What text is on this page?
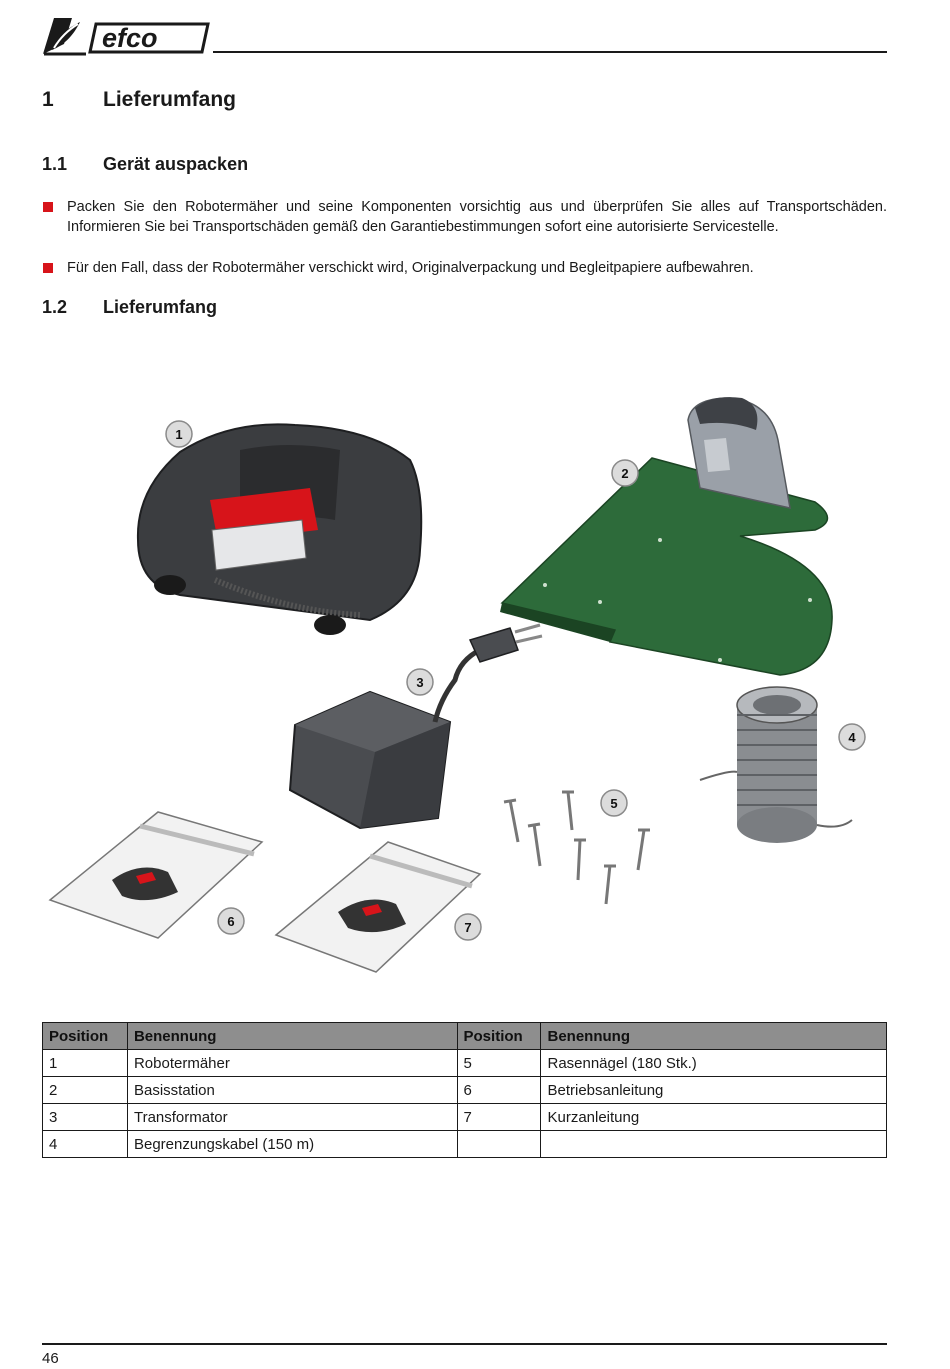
efco
1 Lieferumfang
1.1 Gerät auspacken
Packen Sie den Robotermäher und seine Komponenten vorsichtig aus und überprüfen Sie alles auf Transportschäden. Informieren Sie bei Transportschäden gemäß den Garantiebestimmungen sofort eine autorisierte Servicestelle.
Für den Fall, dass der Robotermäher verschickt wird, Originalverpackung und Begleitpapiere aufbewahren.
1.2 Lieferumfang
1
2
3
4
5
6	7
Position	Benennung	Position	Benennung
1	Robotermäher	5	Rasennägel (180 Stk.)
2	Basisstation	6	Betriebsanleitung
3	Transformator	7	Kurzanleitung
4	Begrenzungskabel (150 m)		
46
